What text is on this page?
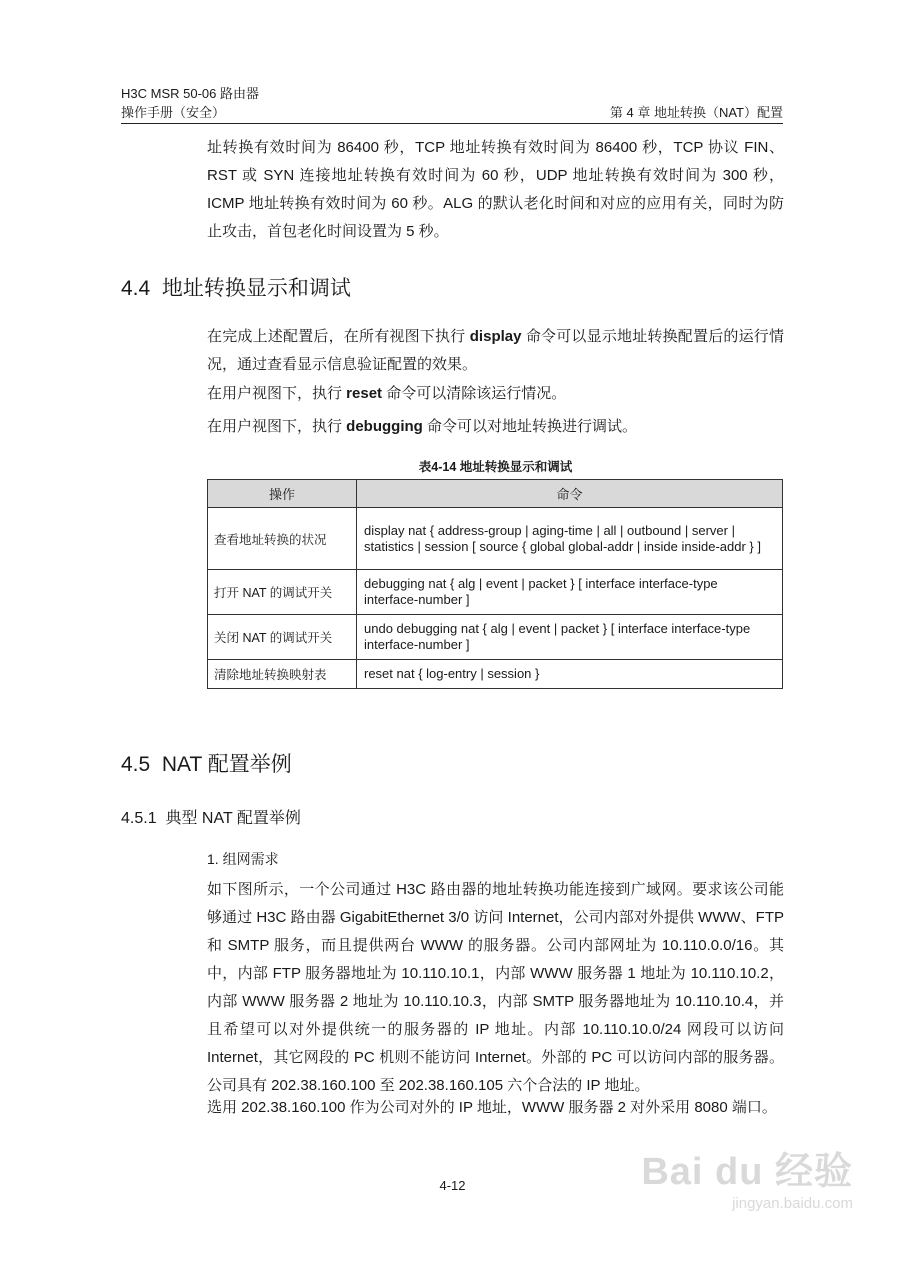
H3C MSR 50-06 路由器
操作手册（安全）	第 4 章 地址转换（NAT）配置

址转换有效时间为 86400 秒，TCP 地址转换有效时间为 86400 秒，TCP 协议 FIN、RST 或 SYN 连接地址转换有效时间为 60 秒，UDP 地址转换有效时间为 300 秒，ICMP 地址转换有效时间为 60 秒。ALG 的默认老化时间和对应的应用有关，同时为防止攻击，首包老化时间设置为 5 秒。

4.4 地址转换显示和调试

在完成上述配置后，在所有视图下执行 display 命令可以显示地址转换配置后的运行情况，通过查看显示信息验证配置的效果。

在用户视图下，执行 reset 命令可以清除该运行情况。

在用户视图下，执行 debugging 命令可以对地址转换进行调试。

表4-14 地址转换显示和调试
操作	命令
查看地址转换的状况	display nat { address-group | aging-time | all | outbound | server | statistics | session [ source { global global-addr | inside inside-addr } ]
打开 NAT 的调试开关	debugging nat { alg | event | packet } [ interface interface-type interface-number ]
关闭 NAT 的调试开关	undo debugging nat { alg | event | packet } [ interface interface-type interface-number ]
清除地址转换映射表	reset nat { log-entry | session }
4.5 NAT 配置举例
4.5.1 典型 NAT 配置举例
1. 组网需求

如下图所示，一个公司通过 H3C 路由器的地址转换功能连接到广域网。要求该公司能够通过 H3C 路由器 GigabitEthernet 3/0 访问 Internet，公司内部对外提供 WWW、FTP 和 SMTP 服务，而且提供两台 WWW 的服务器。公司内部网址为 10.110.0.0/16。其中，内部 FTP 服务器地址为 10.110.10.1，内部 WWW 服务器 1 地址为 10.110.10.2，内部 WWW 服务器 2 地址为 10.110.10.3，内部 SMTP 服务器地址为 10.110.10.4，并且希望可以对外提供统一的服务器的 IP 地址。内部 10.110.10.0/24 网段可以访问 Internet，其它网段的 PC 机则不能访问 Internet。外部的 PC 可以访问内部的服务器。公司具有 202.38.160.100 至 202.38.160.105 六个合法的 IP 地址。

选用 202.38.160.100 作为公司对外的 IP 地址，WWW 服务器 2 对外采用 8080 端口。

4-12	Bai du 经验
jingyan.baidu.com
